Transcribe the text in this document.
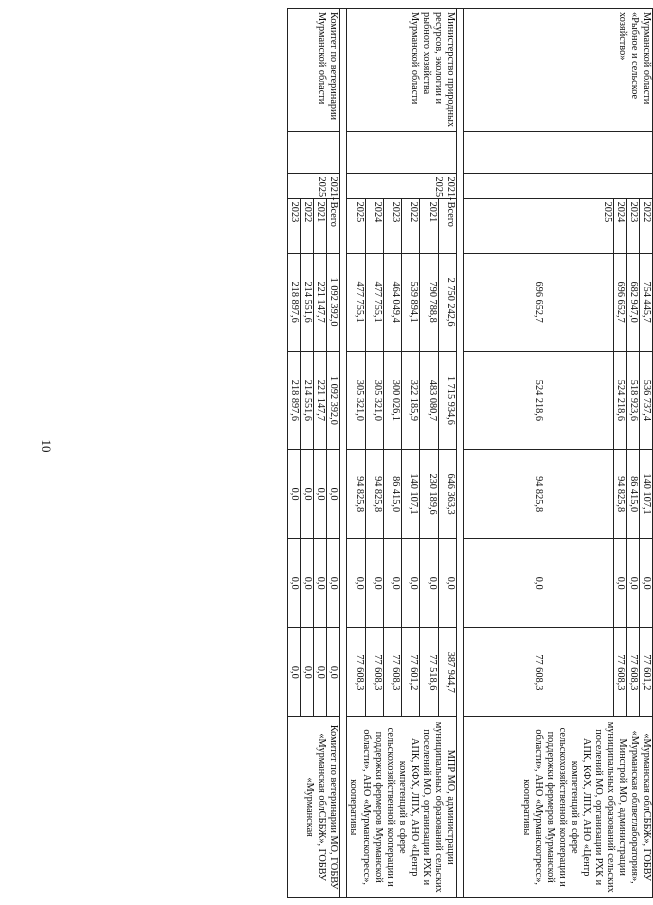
10
Мурманской области «Рыбное и сельское хозяйство»			2022	754 445,7	536 737,4	140 107,1	0,0	77 601,2	«Мурманская облСББЖ», ГОБВУ «Мурманская облветлаборатория», Минсгрой МО, администрации муниципальных образований сельских поселений МО, организации РХК и АПК, КФХ, ЛПХ, АНО «Центр компетенций в сфере сельскохозяйственной кооперации и поддержки фермеров Мурманской области», АНО «Мурманскогресс», кооперативы
			2023	682 947,0	518 923,6	86 415,0	0,0	77 608,3	
			2024	696 652,7	524 218,6	94 825,8	0,0	77 608,3	
			2025	696 652,7	524 218,6	94 825,8	0,0	77 608,3	

Министерство природных ресурсов, экологии и рыбного хозяйства Мурманской области		2021-2025	Всего	2 750 242,6	1 715 934,6	646 363,3	0,0	387 944,7	МПР МО, администрации муниципальных образований сельских поселений МО, организации РХК и АПК, КФХ, ЛПХ, АНО «Центр компетенций в сфере сельскохозяйственной кооперации и поддержки фермеров Мурманской области», АНО «Мурманскогресс», кооперативы
			2021	790 788,8	483 080,7	230 189,6	0,0	77 518,6	
			2022	539 894,1	322 185,9	140 107,1	0,0	77 601,2	
			2023	464 049,4	300 026,1	86 415,0	0,0	77 608,3	
			2024	477 755,1	305 321,0	94 825,8	0,0	77 608,3	
			2025	477 755,1	305 321,0	94 825,8	0,0	77 608,3	

Комитет по ветеринарии Мурманской области		2021-2025	Всего	1 092 392,0	1 092 392,0	0,0	0,0	0,0	Комитет по ветеринарии МО, ГОБВУ «Мурманская облСББЖ», ГОБВУ «Мурманская
			2021	221 147,7	221 147,7	0,0	0,0	0,0	
			2022	214 551,6	214 551,6	0,0	0,0	0,0	
			2023	218 897,6	218 897,6	0,0	0,0	0,0	
